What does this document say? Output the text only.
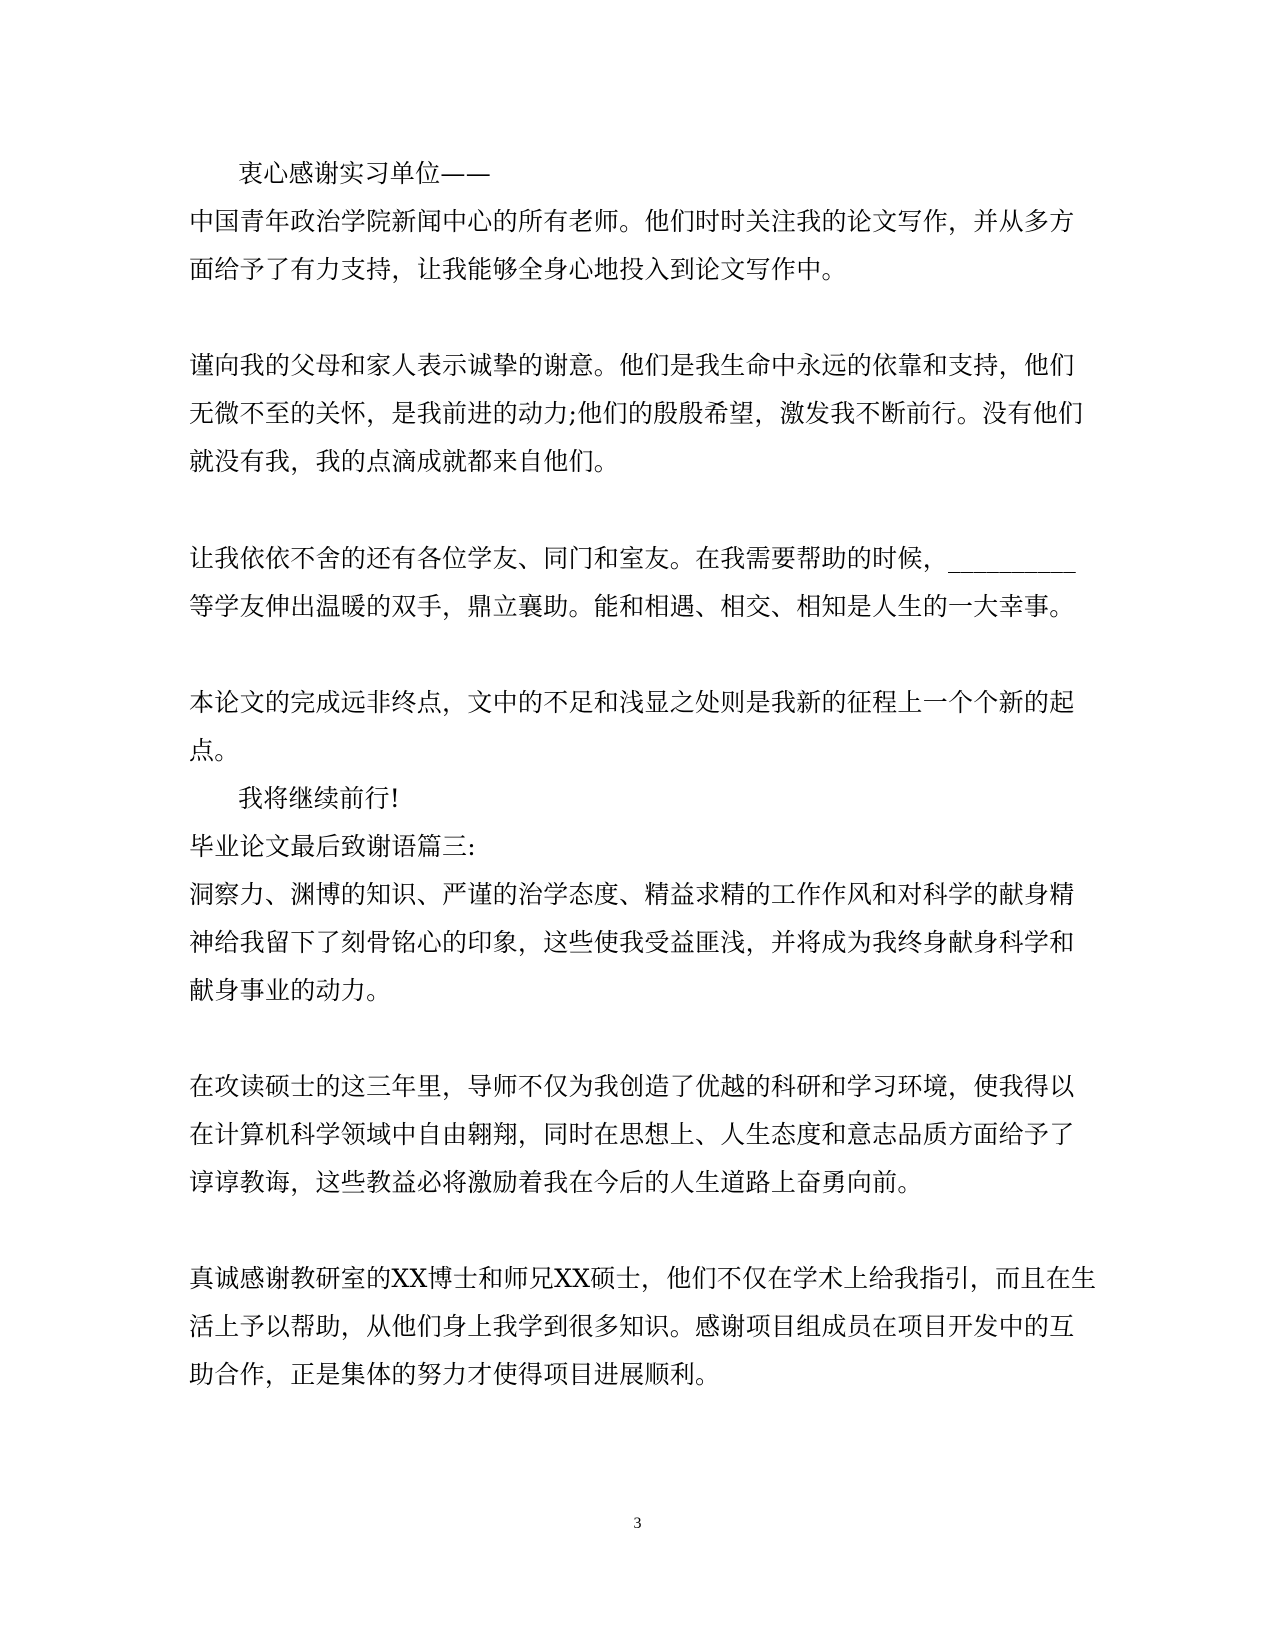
衷心感谢实习单位——
中国青年政治学院新闻中心的所有老师。他们时时关注我的论文写作，并从多方
面给予了有力支持，让我能够全身心地投入到论文写作中。
谨向我的父母和家人表示诚挚的谢意。他们是我生命中永远的依靠和支持，他们
无微不至的关怀，是我前进的动力;他们的殷殷希望，激发我不断前行。没有他们
就没有我，我的点滴成就都来自他们。
让我依依不舍的还有各位学友、同门和室友。在我需要帮助的时候，__________
等学友伸出温暖的双手，鼎立襄助。能和相遇、相交、相知是人生的一大幸事。
本论文的完成远非终点，文中的不足和浅显之处则是我新的征程上一个个新的起
点。
我将继续前行!
毕业论文最后致谢语篇三:
洞察力、渊博的知识、严谨的治学态度、精益求精的工作作风和对科学的献身精
神给我留下了刻骨铭心的印象，这些使我受益匪浅，并将成为我终身献身科学和
献身事业的动力。
在攻读硕士的这三年里，导师不仅为我创造了优越的科研和学习环境，使我得以
在计算机科学领域中自由翱翔，同时在思想上、人生态度和意志品质方面给予了
谆谆教诲，这些教益必将激励着我在今后的人生道路上奋勇向前。
真诚感谢教研室的XX博士和师兄XX硕士，他们不仅在学术上给我指引，而且在生
活上予以帮助，从他们身上我学到很多知识。感谢项目组成员在项目开发中的互
助合作，正是集体的努力才使得项目进展顺利。
3
